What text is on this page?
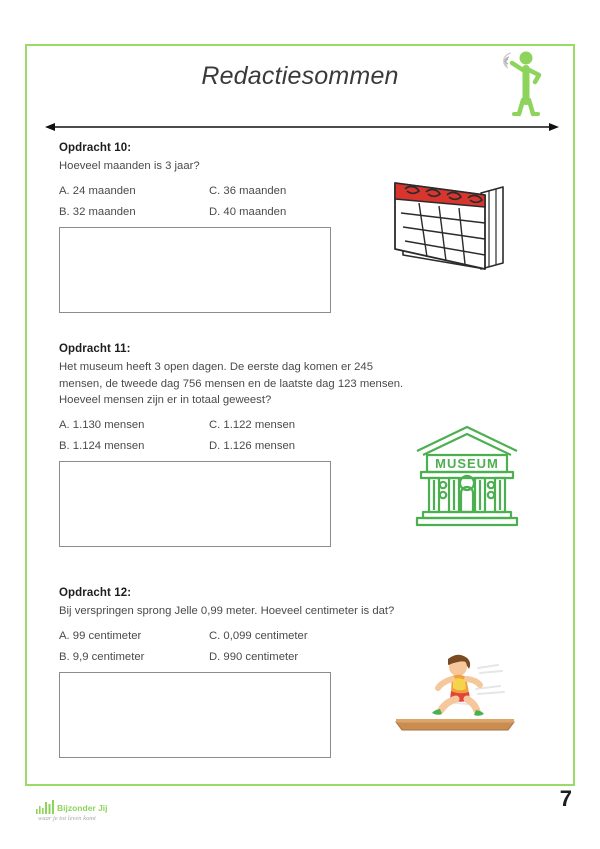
Redactiesommen
Opdracht 10:

Hoeveel maanden is 3 jaar?

A. 24 maanden	C. 36 maanden
B. 32 maanden	D. 40 maanden
Opdracht 11:

Het museum heeft 3 open dagen. De eerste dag komen er 245 mensen, de tweede dag 756 mensen en de laatste dag 123 mensen. Hoeveel mensen zijn er in totaal geweest?

A. 1.130 mensen	C. 1.122 mensen
B. 1.124 mensen	D. 1.126 mensen
MUSEUM
Opdracht 12:

Bij verspringen sprong Jelle 0,99 meter. Hoeveel centimeter is dat?

A. 99 centimeter	C. 0,099 centimeter
B. 9,9 centimeter	D. 990 centimeter
Bijzonder Jij
waar je tot leven komt
7
